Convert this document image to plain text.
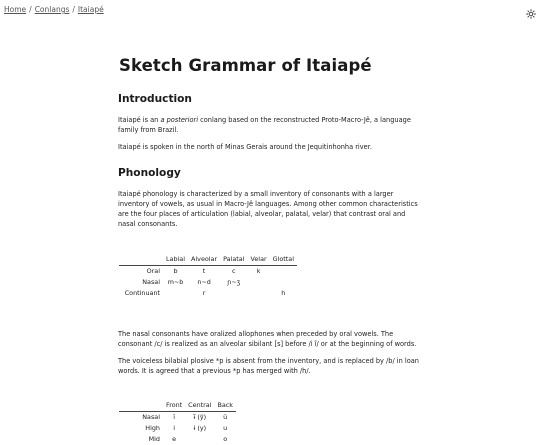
Home / Conlangs / Itaiapé
Sketch Grammar of Itaiapé
Introduction

Itaiapé is an a posteriori conlang based on the reconstructed Proto-Macro-Jê, a language family from Brazil.

Itaiapé is spoken in the north of Minas Gerais around the Jequitinhonha river.

Phonology

Itaiapé phonology is characterized by a small inventory of consonants with a larger inventory of vowels, as usual in Macro-Jê languages. Among other common characteristics are the four places of articulation (labial, alveolar, palatal, velar) that contrast oral and nasal consonants.

	Labial	Alveolar	Palatal	Velar	Glottal
Oral	b	t	c	k	
Nasal	m~b	n~d	ɲ~ʒ		
Continuant		r			h

The nasal consonants have oralized allophones when preceded by oral vowels. The consonant /c/ is realized as an alveolar sibilant [s] before /i ĩ/ or at the beginning of words.

The voiceless bilabial plosive *p is absent from the inventory, and is replaced by /b/ in loan words. It is agreed that a previous *p has merged with /h/.

	Front	Central	Back
Nasal	ĩ	ɨ̃ (ỹ)	ũ
High	i	ɨ (y)	u
Mid	e		o
